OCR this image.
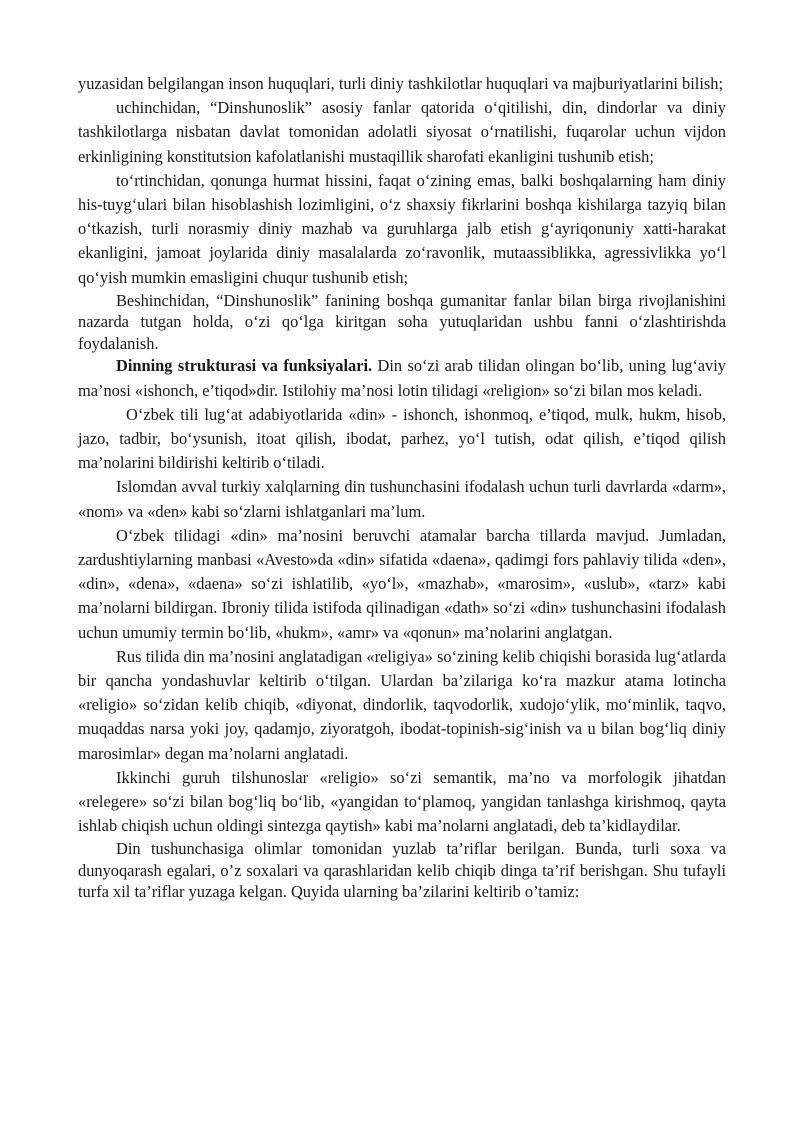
yuzasidan belgilangan inson huquqlari, turli diniy tashkilotlar huquqlari va majburiyatlarini bilish;

uchinchidan, “Dinshunoslik” asosiy fanlar qatorida o‘qitilishi, din, dindorlar va diniy tashkilotlarga nisbatan davlat tomonidan adolatli siyosat o‘rnatilishi, fuqarolar uchun vijdon erkinligining konstitutsion kafolatlanishi mustaqillik sharofati ekanligini tushunib etish;

to‘rtinchidan, qonunga hurmat hissini, faqat o‘zining emas, balki boshqalarning ham diniy his-tuyg‘ulari bilan hisoblashish lozimligini, o‘z shaxsiy fikrlarini boshqa kishilarga tazyiq bilan o‘tkazish, turli norasmiy diniy mazhab va guruhlarga jalb etish g‘ayriqonuniy xatti-harakat ekanligini, jamoat joylarida diniy masalalarda zo‘ravonlik, mutaassiblikka, agressivlikka yo‘l qo‘yish mumkin emasligini chuqur tushunib etish;

Beshinchidan, “Dinshunoslik” fanining boshqa gumanitar fanlar bilan birga rivojlanishini nazarda tutgan holda, o‘zi qo‘lga kiritgan soha yutuqlaridan ushbu fanni o‘zlashtirishda foydalanish.

Dinning strukturasi va funksiyalari. Din so‘zi arab tilidan olingan bo‘lib, uning lug‘aviy ma’nosi «ishonch, e’tiqod»dir. Istilohiy ma’nosi lotin tilidagi «religion» so‘zi bilan mos keladi.

O‘zbek tili lug‘at adabiyotlarida «din» - ishonch, ishonmoq, e’tiqod, mulk, hukm, hisob, jazo, tadbir, bo‘ysunish, itoat qilish, ibodat, parhez, yo‘l tutish, odat qilish, e’tiqod qilish ma’nolarini bildirishi keltirib o‘tiladi.

Islomdan avval turkiy xalqlarning din tushunchasini ifodalash uchun turli davrlarda «darm», «nom» va «den» kabi so‘zlarni ishlatganlari ma’lum.

O‘zbek tilidagi «din» ma’nosini beruvchi atamalar barcha tillarda mavjud. Jumladan, zardushtiylarning manbasi «Avesto»da «din» sifatida «daena», qadimgi fors pahlaviy tilida «den», «din», «dena», «daena» so‘zi ishlatilib, «yo‘l», «mazhab», «marosim», «uslub», «tarz» kabi ma’nolarni bildirgan. Ibroniy tilida istifoda qilinadigan «dath» so‘zi «din» tushunchasini ifodalash uchun umumiy termin bo‘lib, «hukm», «amr» va «qonun» ma’nolarini anglatgan.

Rus tilida din ma’nosini anglatadigan «religiya» so‘zining kelib chiqishi borasida lug‘atlarda bir qancha yondashuvlar keltirib o‘tilgan. Ulardan ba’zilariga ko‘ra mazkur atama lotincha «religio» so‘zidan kelib chiqib, «diyonat, dindorlik, taqvodorlik, xudojo‘ylik, mo‘minlik, taqvo, muqaddas narsa yoki joy, qadamjo, ziyoratgoh, ibodat-topinish-sig‘inish va u bilan bog‘liq diniy marosimlar» degan ma’nolarni anglatadi.

Ikkinchi guruh tilshunoslar «religio» so‘zi semantik, ma’no va morfologik jihatdan «relegere» so‘zi bilan bog‘liq bo‘lib, «yangidan to‘plamoq, yangidan tanlashga kirishmoq, qayta ishlab chiqish uchun oldingi sintezga qaytish» kabi ma’nolarni anglatadi, deb ta’kidlaydilar.

Din tushunchasiga olimlar tomonidan yuzlab ta’riflar berilgan. Bunda, turli soxa va dunyoqarash egalari, o’z soxalari va qarashlaridan kelib chiqib dinga ta’rif berishgan. Shu tufayli turfa xil ta’riflar yuzaga kelgan. Quyida ularning ba’zilarini keltirib o’tamiz:
